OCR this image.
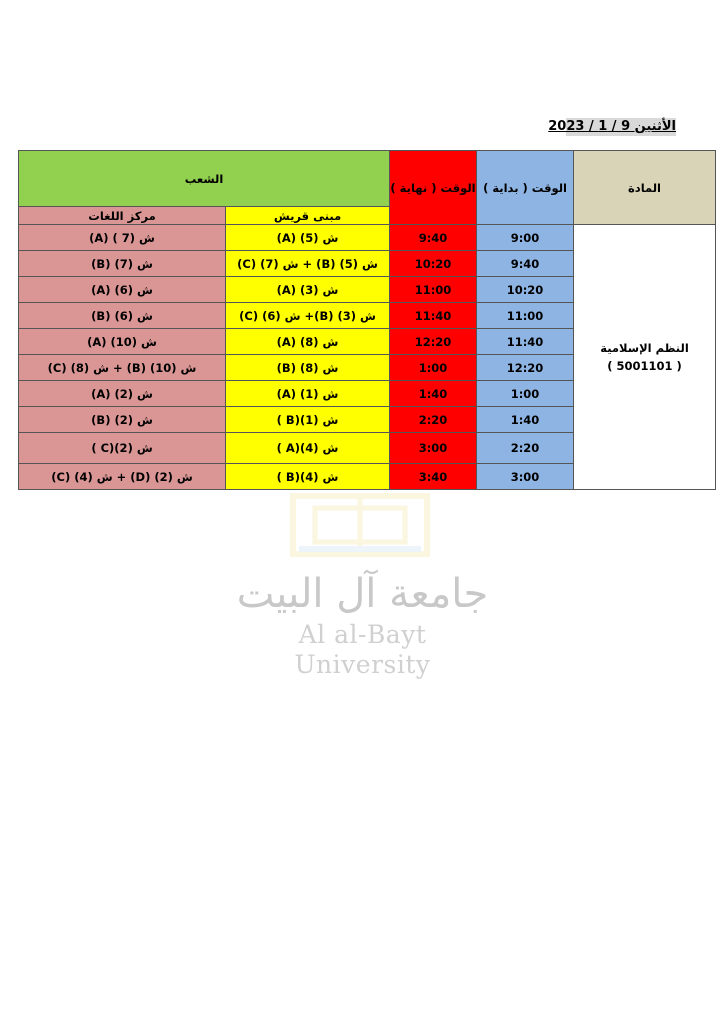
الأثنين 9 / 1 / 2023
جامعة آل البيت
Al al-Bayt University
المادة	الوقت ( بداية )	الوقت ( نهاية )	الشعب	
			مبنى قريش	مركز اللغات

النظم الإسلامية
( 5001101 )	9:00	9:40	ش (5) (A)	ش (7 ) (A)
	9:40	10:20	ش (5) (B) + ش (7) (C)	ش (7) (B)
	10:20	11:00	ش (3) (A)	ش (6) (A)
	11:00	11:40	ش (3) (B)+ ش (6) (C)	ش (6) (B)
	11:40	12:20	ش (8) (A)	ش (10) (A)
	12:20	1:00	ش (8) (B)	ش (10) (B) + ش (8) (C)
	1:00	1:40	ش (1) (A)	ش (2) (A)
	1:40	2:20	ش (1)(B )	ش (2) (B)
	2:20	3:00	ش (4)(A )	ش (2)(C )
	3:00	3:40	ش (4)(B )	ش (2) (D) + ش (4) (C)
